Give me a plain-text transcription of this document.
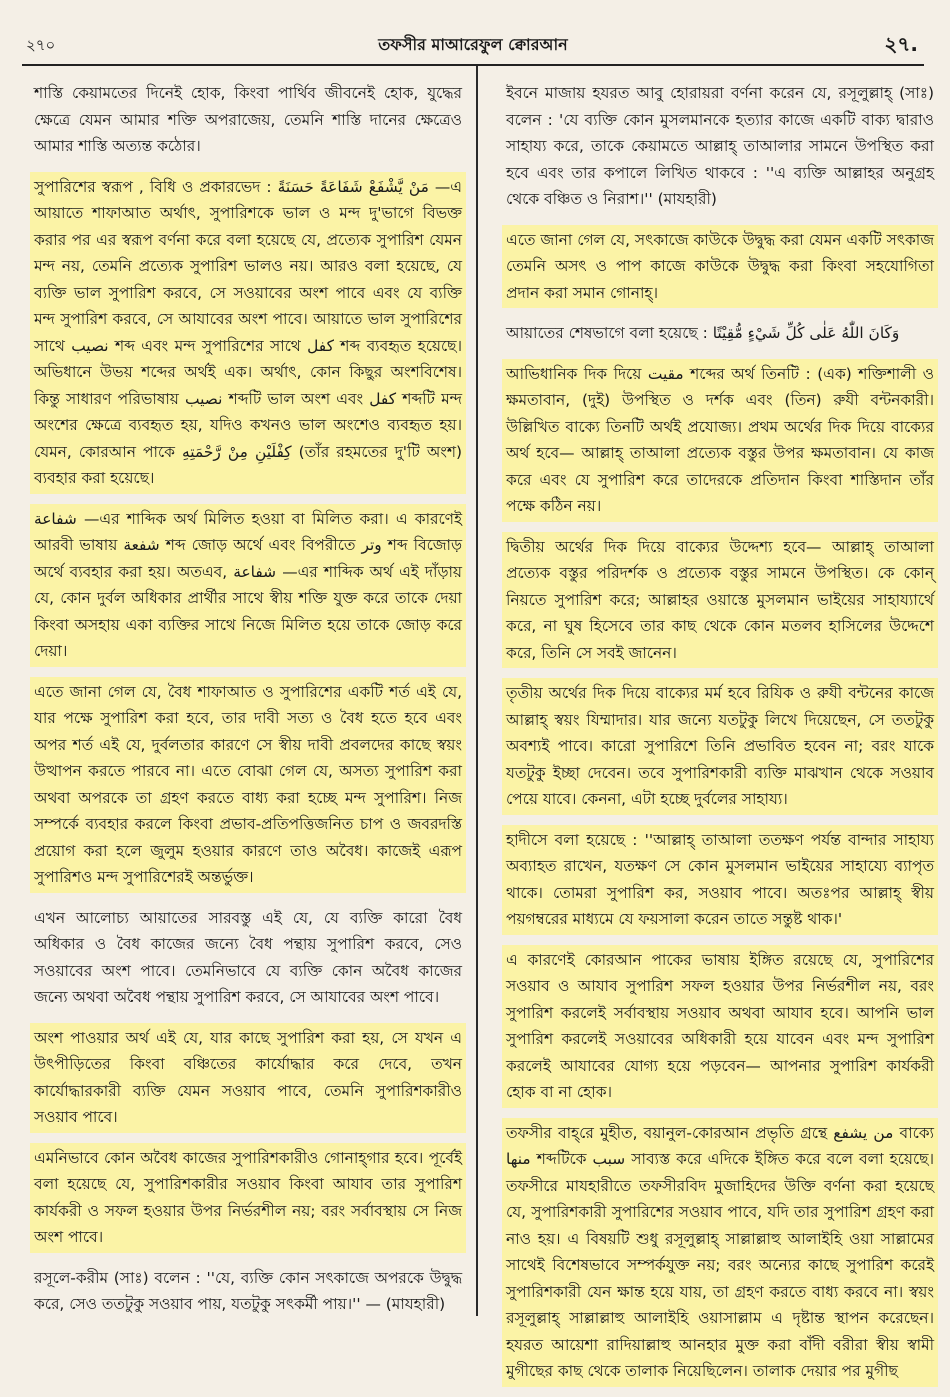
২৭০	তফসীর মাআরেফুল ক্বোরআন	২৭.

শাস্তি কেয়ামতের দিনেই হোক, কিংবা পার্থিব জীবনেই হোক, যুদ্ধের ক্ষেত্রে যেমন আমার শক্তি অপরাজেয়, তেমনি শাস্তি দানের ক্ষেত্রেও আমার শাস্তি অত্যন্ত কঠোর।

সুপারিশের স্বরূপ , বিধি ও প্রকারভেদ : مَنْ يَّشْفَعْ شَفَاعَةً حَسَنَةً —এ আয়াতে শাফাআত অর্থাৎ, সুপারিশকে ভাল ও মন্দ দু'ভাগে বিভক্ত করার পর এর স্বরূপ বর্ণনা করে বলা হয়েছে যে, প্রত্যেক সুপারিশ যেমন মন্দ নয়, তেমনি প্রত্যেক সুপারিশ ভালও নয়। আরও বলা হয়েছে, যে ব্যক্তি ভাল সুপারিশ করবে, সে সওয়াবের অংশ পাবে এবং যে ব্যক্তি মন্দ সুপারিশ করবে, সে আযাবের অংশ পাবে। আয়াতে ভাল সুপারিশের সাথে نصيب শব্দ এবং মন্দ সুপারিশের সাথে كفل শব্দ ব্যবহৃত হয়েছে। অভিধানে উভয় শব্দের অর্থই এক। অর্থাৎ, কোন কিছুর অংশবিশেষ। কিন্তু সাধারণ পরিভাষায় نصيب শব্দটি ভাল অংশ এবং كفل শব্দটি মন্দ অংশের ক্ষেত্রে ব্যবহৃত হয়, যদিও কখনও ভাল অংশেও ব্যবহৃত হয়। যেমন, কোরআন পাকে كِفْلَيْنِ مِنْ رَّحْمَتِهِ (তাঁর রহমতের দু'টি অংশ) ব্যবহার করা হয়েছে।

شفاعة —এর শাব্দিক অর্থ মিলিত হওয়া বা মিলিত করা। এ কারণেই আরবী ভাষায় شفعة শব্দ জোড় অর্থে এবং বিপরীতে وتر শব্দ বিজোড় অর্থে ব্যবহার করা হয়। অতএব, شفاعة —এর শাব্দিক অর্থ এই দাঁড়ায় যে, কোন দুর্বল অধিকার প্রার্থীর সাথে স্বীয় শক্তি যুক্ত করে তাকে দেয়া কিংবা অসহায় একা ব্যক্তির সাথে নিজে মিলিত হয়ে তাকে জোড় করে দেয়া।

এতে জানা গেল যে, বৈধ শাফাআত ও সুপারিশের একটি শর্ত এই যে, যার পক্ষে সুপারিশ করা হবে, তার দাবী সত্য ও বৈধ হতে হবে এবং অপর শর্ত এই যে, দুর্বলতার কারণে সে স্বীয় দাবী প্রবলদের কাছে স্বয়ং উত্থাপন করতে পারবে না। এতে বোঝা গেল যে, অসত্য সুপারিশ করা অথবা অপরকে তা গ্রহণ করতে বাধ্য করা হচ্ছে মন্দ সুপারিশ। নিজ সম্পর্কে ব্যবহার করলে কিংবা প্রভাব-প্রতিপত্তিজনিত চাপ ও জবরদস্তি প্রয়োগ করা হলে জুলুম হওয়ার কারণে তাও অবৈধ। কাজেই এরূপ সুপারিশও মন্দ সুপারিশেরই অন্তর্ভুক্ত।

এখন আলোচ্য আয়াতের সারবস্তু এই যে, যে ব্যক্তি কারো বৈধ অধিকার ও বৈধ কাজের জন্যে বৈধ পন্থায় সুপারিশ করবে, সেও সওয়াবের অংশ পাবে। তেমনিভাবে যে ব্যক্তি কোন অবৈধ কাজের জন্যে অথবা অবৈধ পন্থায় সুপারিশ করবে, সে আযাবের অংশ পাবে।

অংশ পাওয়ার অর্থ এই যে, যার কাছে সুপারিশ করা হয়, সে যখন এ উৎপীড়িতের কিংবা বঞ্চিতের কার্যোদ্ধার করে দেবে, তখন কার্যোদ্ধারকারী ব্যক্তি যেমন সওয়াব পাবে, তেমনি সুপারিশকারীও সওয়াব পাবে।

এমনিভাবে কোন অবৈধ কাজের সুপারিশকারীও গোনাহ্গার হবে। পূর্বেই বলা হয়েছে যে, সুপারিশকারীর সওয়াব কিংবা আযাব তার সুপারিশ কার্যকরী ও সফল হওয়ার উপর নির্ভরশীল নয়; বরং সর্বাবস্থায় সে নিজ অংশ পাবে।

রসূলে-করীম (সাঃ) বলেন : ''যে, ব্যক্তি কোন সৎকাজে অপরকে উদ্বুদ্ধ করে, সেও ততটুকু সওয়াব পায়, যতটুকু সৎকর্মী পায়।'' — (মাযহারী)

ইবনে মাজায় হযরত আবু হোরায়রা বর্ণনা করেন যে, রসূলুল্লাহ্ (সাঃ) বলেন : 'যে ব্যক্তি কোন মুসলমানকে হত্যার কাজে একটি বাক্য দ্বারাও সাহায্য করে, তাকে কেয়ামতে আল্লাহ্ তাআলার সামনে উপস্থিত করা হবে এবং তার কপালে লিখিত থাকবে : ''এ ব্যক্তি আল্লাহর অনুগ্রহ থেকে বঞ্চিত ও নিরাশ।'' (মাযহারী)

এতে জানা গেল যে, সৎকাজে কাউকে উদ্বুদ্ধ করা যেমন একটি সৎকাজ তেমনি অসৎ ও পাপ কাজে কাউকে উদ্বুদ্ধ করা কিংবা সহযোগিতা প্রদান করা সমান গোনাহ্।

আয়াতের শেষভাগে বলা হয়েছে : وَكَانَ اللّٰهُ عَلٰى كُلِّ شَيْءٍ مُّقِيْتًا

আভিধানিক দিক দিয়ে مقيت শব্দের অর্থ তিনটি : (এক) শক্তিশালী ও ক্ষমতাবান, (দুই) উপস্থিত ও দর্শক এবং (তিন) রুযী বন্টনকারী। উল্লিখিত বাক্যে তিনটি অর্থই প্রযোজ্য। প্রথম অর্থের দিক দিয়ে বাক্যের অর্থ হবে— আল্লাহ্ তাআলা প্রত্যেক বস্তুর উপর ক্ষমতাবান। যে কাজ করে এবং যে সুপারিশ করে তাদেরকে প্রতিদান কিংবা শাস্তিদান তাঁর পক্ষে কঠিন নয়।

দ্বিতীয় অর্থের দিক দিয়ে বাক্যের উদ্দেশ্য হবে— আল্লাহ্ তাআলা প্রত্যেক বস্তুর পরিদর্শক ও প্রত্যেক বস্তুর সামনে উপস্থিত। কে কোন্ নিয়তে সুপারিশ করে; আল্লাহর ওয়াস্তে মুসলমান ভাইয়ের সাহায্যার্থে করে, না ঘুষ হিসেবে তার কাছ থেকে কোন মতলব হাসিলের উদ্দেশে করে, তিনি সে সবই জানেন।

তৃতীয় অর্থের দিক দিয়ে বাক্যের মর্ম হবে রিযিক ও রুযী বন্টনের কাজে আল্লাহ্ স্বয়ং যিম্মাদার। যার জন্যে যতটুকু লিখে দিয়েছেন, সে ততটুকু অবশ্যই পাবে। কারো সুপারিশে তিনি প্রভাবিত হবেন না; বরং যাকে যতটুকু ইচ্ছা দেবেন। তবে সুপারিশকারী ব্যক্তি মাঝখান থেকে সওয়াব পেয়ে যাবে। কেননা, এটা হচ্ছে দুর্বলের সাহায্য।

হাদীসে বলা হয়েছে : ''আল্লাহ্ তাআলা ততক্ষণ পর্যন্ত বান্দার সাহায্য অব্যাহত রাখেন, যতক্ষণ সে কোন মুসলমান ভাইয়ের সাহায্যে ব্যাপৃত থাকে। তোমরা সুপারিশ কর, সওয়াব পাবে। অতঃপর আল্লাহ্ স্বীয় পয়গম্বরের মাধ্যমে যে ফয়সালা করেন তাতে সন্তুষ্ট থাক।'

এ কারণেই কোরআন পাকের ভাষায় ইঙ্গিত রয়েছে যে, সুপারিশের সওয়াব ও আযাব সুপারিশ সফল হওয়ার উপর নির্ভরশীল নয়, বরং সুপারিশ করলেই সর্বাবস্থায় সওয়াব অথবা আযাব হবে। আপনি ভাল সুপারিশ করলেই সওয়াবের অধিকারী হয়ে যাবেন এবং মন্দ সুপারিশ করলেই আযাবের যোগ্য হয়ে পড়বেন— আপনার সুপারিশ কার্যকরী হোক বা না হোক।

তফসীর বাহ্‌রে মুহীত, বয়ানুল-কোরআন প্রভৃতি গ্রন্থে من يشفع বাক্যে منها শব্দটিকে سبب সাব্যস্ত করে এদিকে ইঙ্গিত করে বলে বলা হয়েছে। তফসীরে মাযহারীতে তফসীরবিদ মুজাহিদের উক্তি বর্ণনা করা হয়েছে যে, সুপারিশকারী সুপারিশের সওয়াব পাবে, যদি তার সুপারিশ গ্রহণ করা নাও হয়। এ বিষয়টি শুধু রসূলুল্লাহ্ সাল্লাল্লাহু আলাইহি ওয়া সাল্লামের সাথেই বিশেষভাবে সম্পর্কযুক্ত নয়; বরং অন্যের কাছে সুপারিশ করেই সুপারিশকারী যেন ক্ষান্ত হয়ে যায়, তা গ্রহণ করতে বাধ্য করবে না। স্বয়ং রসূলুল্লাহ্ সাল্লাল্লাহু আলাইহি ওয়াসাল্লাম এ দৃষ্টান্ত স্থাপন করেছেন। হযরত আয়েশা রাদিয়াল্লাহু আনহার মুক্ত করা বাঁদী বরীরা স্বীয় স্বামী মুগীছের কাছ থেকে তালাক নিয়েছিলেন। তালাক দেয়ার পর মুগীছ
